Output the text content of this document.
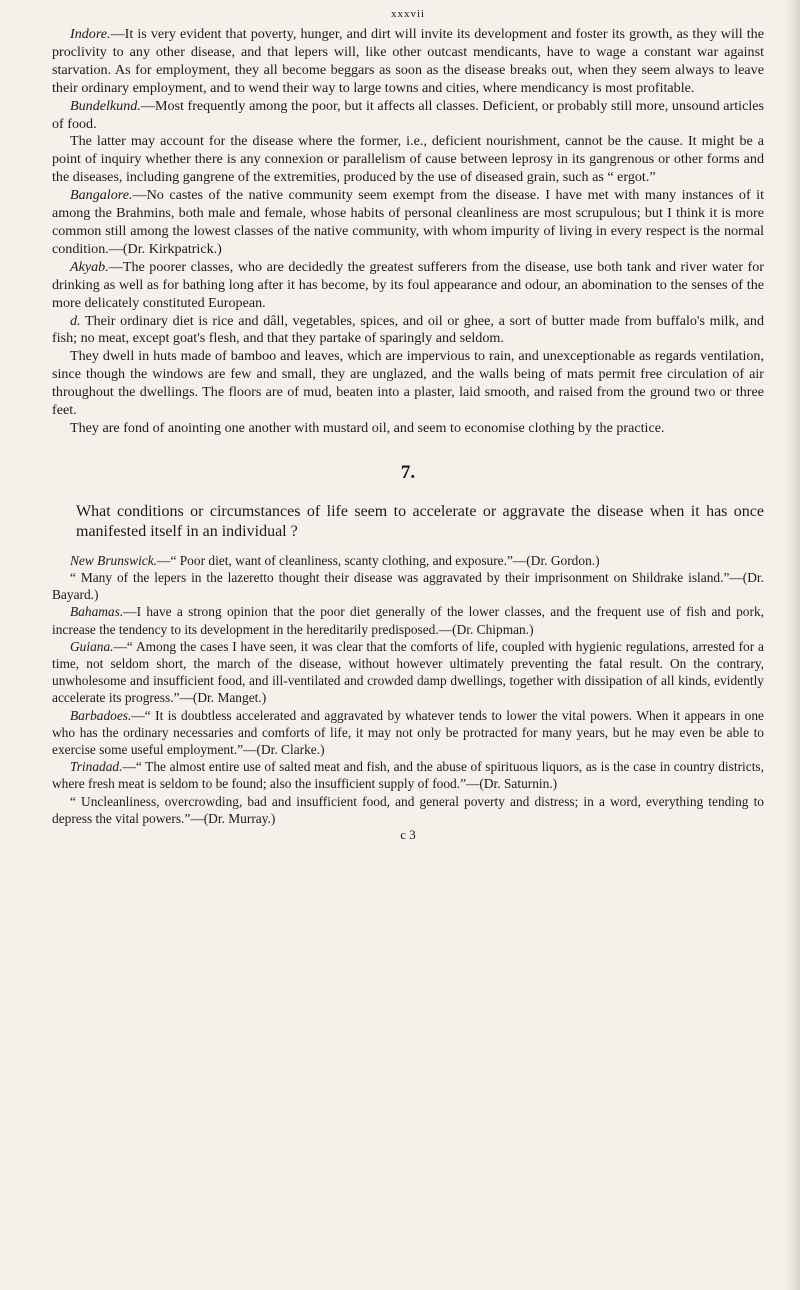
xxxvii

Indore.—It is very evident that poverty, hunger, and dirt will invite its development and foster its growth, as they will the proclivity to any other disease, and that lepers will, like other outcast mendicants, have to wage a constant war against starvation. As for employment, they all become beggars as soon as the disease breaks out, when they seem always to leave their ordinary employment, and to wend their way to large towns and cities, where mendicancy is most profitable.

Bundelkund.—Most frequently among the poor, but it affects all classes. Deficient, or probably still more, unsound articles of food.

The latter may account for the disease where the former, i.e., deficient nourishment, cannot be the cause. It might be a point of inquiry whether there is any connexion or parallelism of cause between leprosy in its gangrenous or other forms and the diseases, including gangrene of the extremities, produced by the use of diseased grain, such as “ ergot.”

Bangalore.—No castes of the native community seem exempt from the disease. I have met with many instances of it among the Brahmins, both male and female, whose habits of personal cleanliness are most scrupulous; but I think it is more common still among the lowest classes of the native community, with whom impurity of living in every respect is the normal condition.—(Dr. Kirkpatrick.)

Akyab.—The poorer classes, who are decidedly the greatest sufferers from the disease, use both tank and river water for drinking as well as for bathing long after it has become, by its foul appearance and odour, an abomination to the senses of the more delicately constituted European.

d. Their ordinary diet is rice and dâll, vegetables, spices, and oil or ghee, a sort of butter made from buffalo's milk, and fish; no meat, except goat's flesh, and that they partake of sparingly and seldom.

They dwell in huts made of bamboo and leaves, which are impervious to rain, and unexceptionable as regards ventilation, since though the windows are few and small, they are unglazed, and the walls being of mats permit free circulation of air throughout the dwellings. The floors are of mud, beaten into a plaster, laid smooth, and raised from the ground two or three feet.

They are fond of anointing one another with mustard oil, and seem to economise clothing by the practice.

7.

What conditions or circumstances of life seem to accelerate or aggravate the disease when it has once manifested itself in an individual ?

New Brunswick.—“ Poor diet, want of cleanliness, scanty clothing, and exposure.”—(Dr. Gordon.)

“ Many of the lepers in the lazeretto thought their disease was aggravated by their imprisonment on Shildrake island.”—(Dr. Bayard.)

Bahamas.—I have a strong opinion that the poor diet generally of the lower classes, and the frequent use of fish and pork, increase the tendency to its development in the hereditarily predisposed.—(Dr. Chipman.)

Guiana.—“ Among the cases I have seen, it was clear that the comforts of life, coupled with hygienic regulations, arrested for a time, not seldom short, the march of the disease, without however ultimately preventing the fatal result. On the contrary, unwholesome and insufficient food, and ill-ventilated and crowded damp dwellings, together with dissipation of all kinds, evidently accelerate its progress.”—(Dr. Manget.)

Barbadoes.—“ It is doubtless accelerated and aggravated by whatever tends to lower the vital powers. When it appears in one who has the ordinary necessaries and comforts of life, it may not only be protracted for many years, but he may even be able to exercise some useful employment.”—(Dr. Clarke.)

Trinadad.—“ The almost entire use of salted meat and fish, and the abuse of spirituous liquors, as is the case in country districts, where fresh meat is seldom to be found; also the insufficient supply of food.”—(Dr. Saturnin.)

“ Uncleanliness, overcrowding, bad and insufficient food, and general poverty and distress; in a word, everything tending to depress the vital powers.”—(Dr. Murray.)

c 3
